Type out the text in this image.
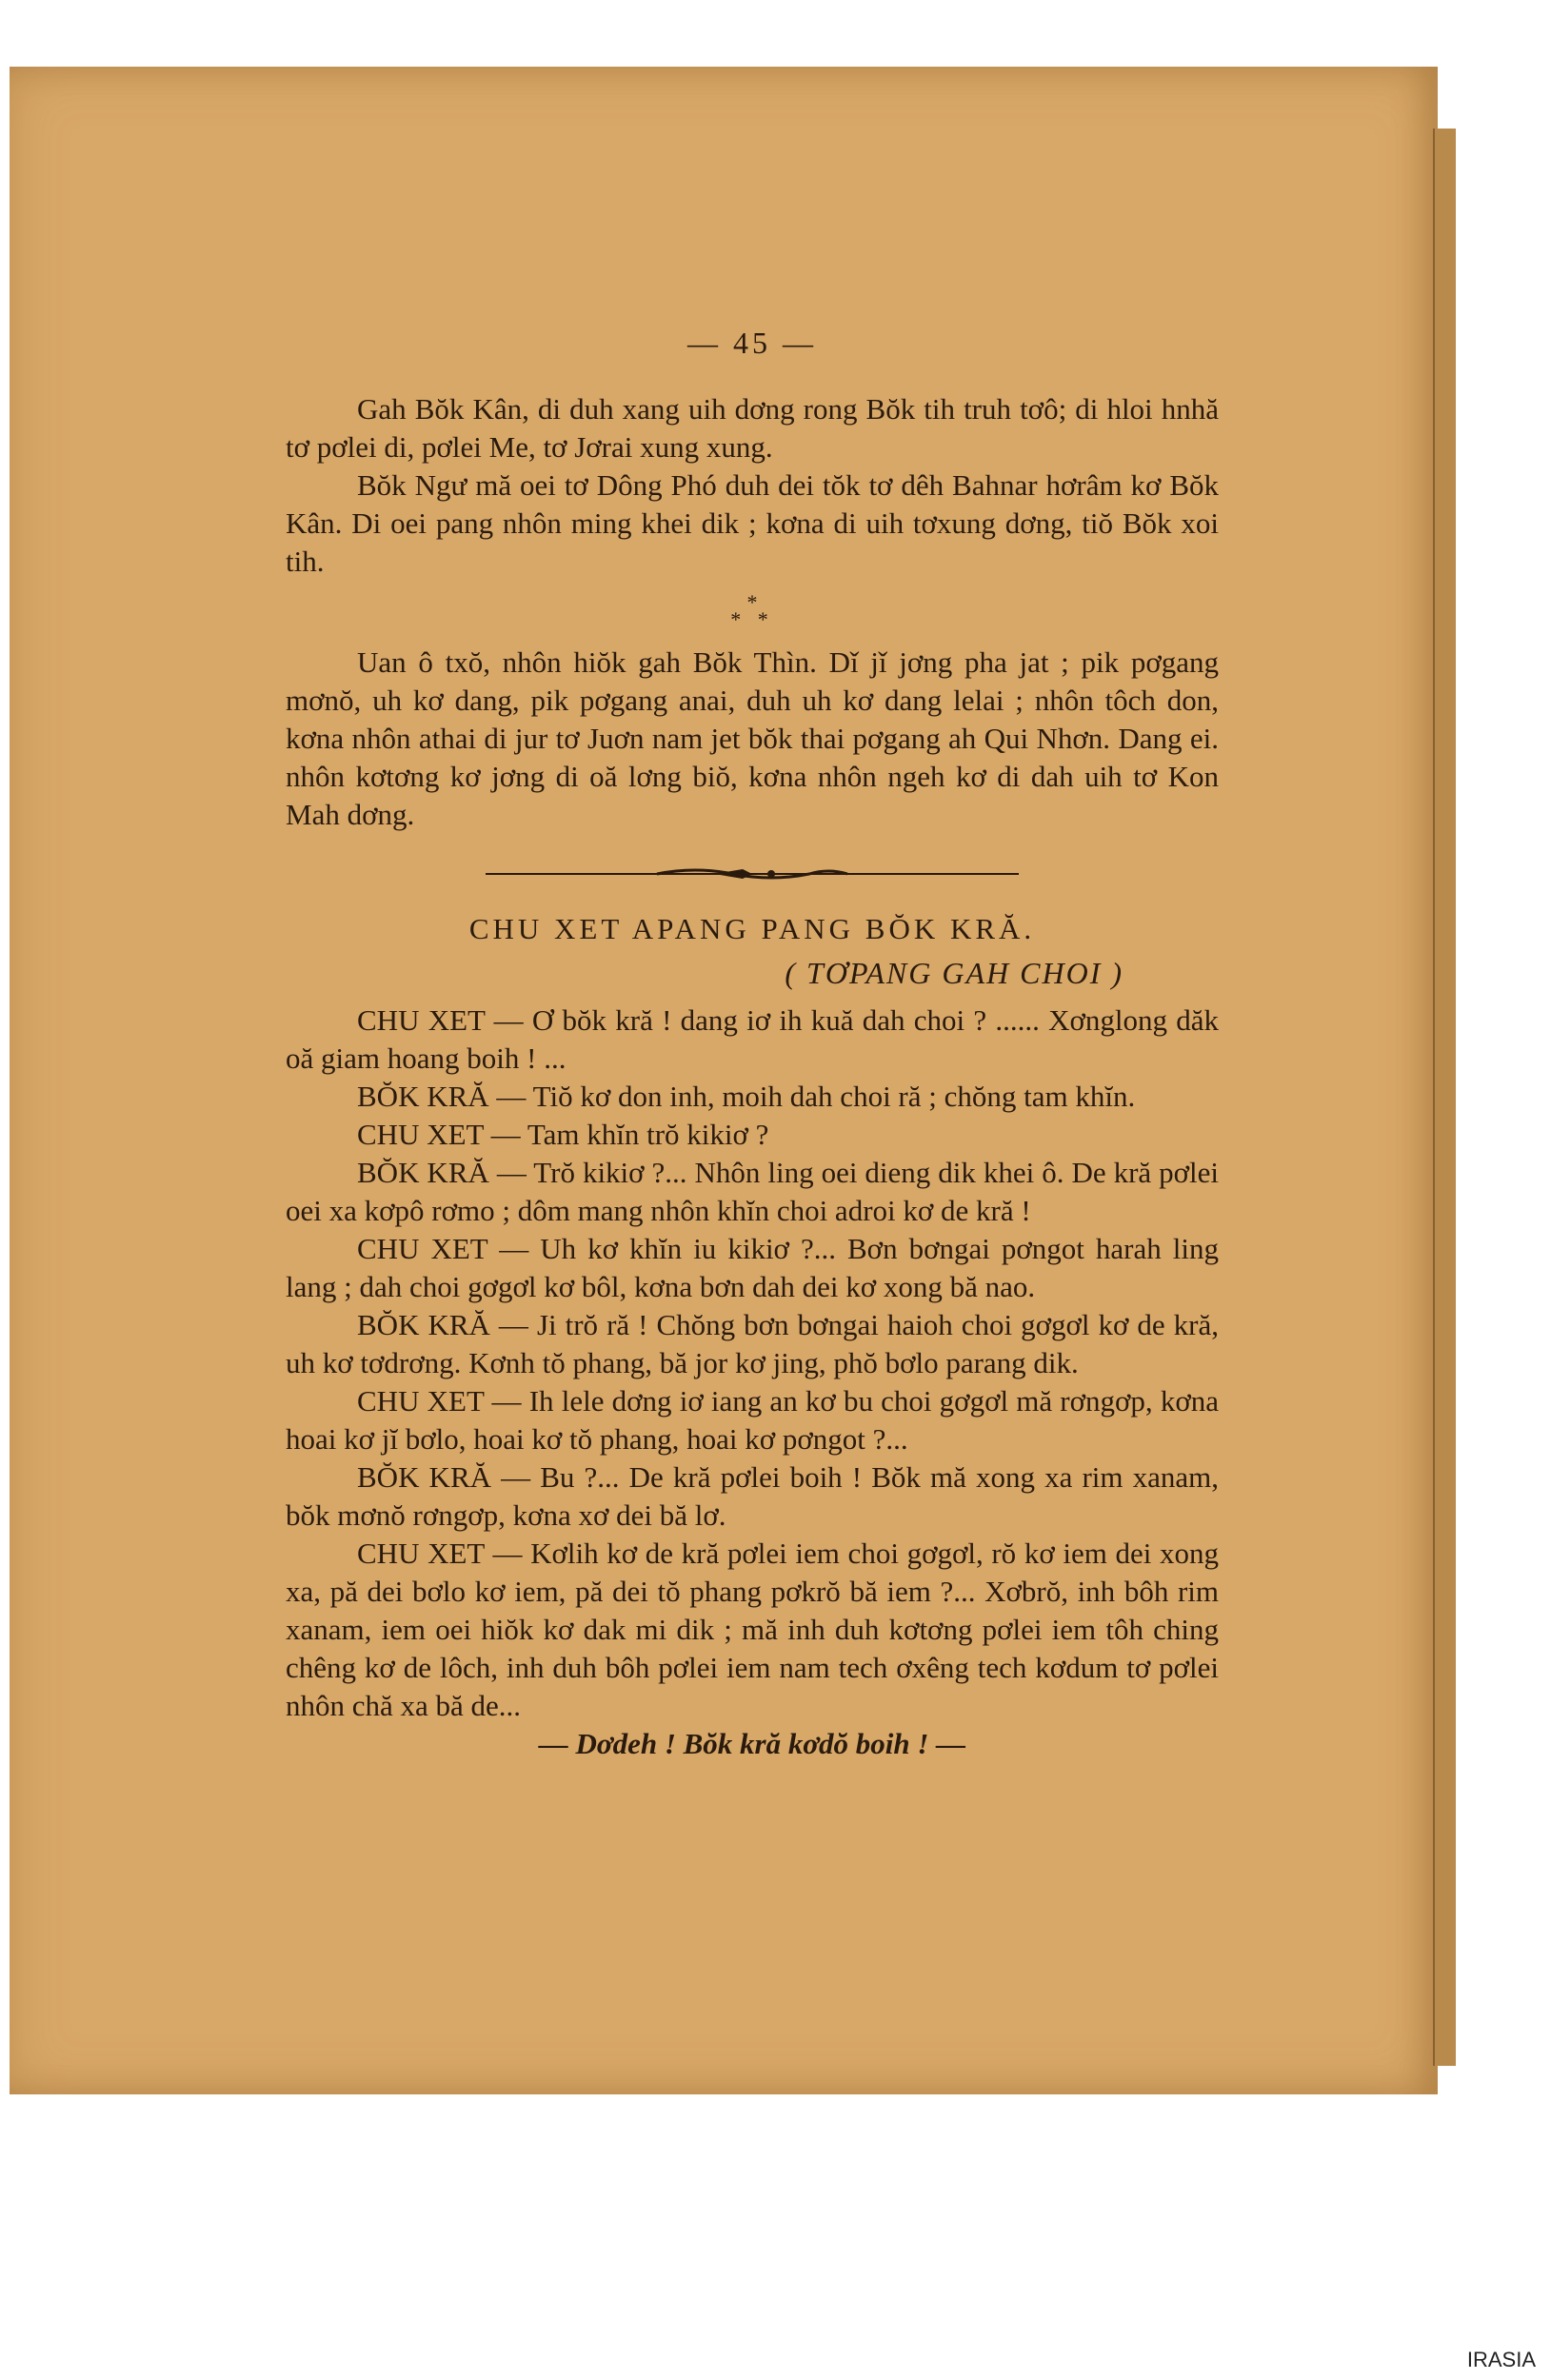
— 45 —

Gah Bŏk Kân, di duh xang uih dơng rong Bŏk tih truh tơô; di hloi hnhă tơ pơlei di, pơlei Me, tơ Jơrai xung xung.

Bŏk Ngư mă oei tơ Dông Phó duh dei tŏk tơ dêh Bahnar hơrâm kơ Bŏk Kân. Di oei pang nhôn ming khei dik ; kơna di uih tơxung dơng, tiŏ Bŏk xoi tih.

*
* *

Uan ô txŏ, nhôn hiŏk gah Bŏk Thìn. Dǐ jǐ jơng pha jat ; pik pơgang mơnŏ, uh kơ dang, pik pơgang anai, duh uh kơ dang lelai ; nhôn tôch don, kơna nhôn athai di jur tơ Juơn nam jet bŏk thai pơgang ah Qui Nhơn. Dang ei. nhôn kơtơng kơ jơng di oă lơng biŏ, kơna nhôn ngeh kơ di dah uih tơ Kon Mah dơng.

CHU XET APANG PANG BŎK KRĂ.
( TƠPANG GAH CHOI )

CHU XET — Ơ bŏk kră ! dang iơ ih kuă dah choi ? ...... Xơnglong dăk oă giam hoang boih ! ...

BŎK KRĂ — Tiŏ kơ don inh, moih dah choi ră ; chŏng tam khĭn.

CHU XET — Tam khĭn trŏ kikiơ ?

BŎK KRĂ — Trŏ kikiơ ?... Nhôn ling oei dieng dik khei ô. De kră pơlei oei xa kơpô rơmo ; dôm mang nhôn khĭn choi adroi kơ de kră !

CHU XET — Uh kơ khĭn iu kikiơ ?... Bơn bơngai pơngot harah ling lang ; dah choi gơgơl kơ bôl, kơna bơn dah dei kơ xong bă nao.

BŎK KRĂ — Ji trŏ ră ! Chŏng bơn bơngai haioh choi gơgơl kơ de kră, uh kơ tơdrơng. Kơnh tŏ phang, bă jor kơ jing, phŏ bơlo parang dik.

CHU XET — Ih lele dơng iơ iang an kơ bu choi gơgơl mă rơngơp, kơna hoai kơ jĭ bơlo, hoai kơ tŏ phang, hoai kơ pơngot ?...

BŎK KRĂ — Bu ?... De kră pơlei boih ! Bŏk mă xong xa rim xanam, bŏk mơnŏ rơngơp, kơna xơ dei bă lơ.

CHU XET — Kơlih kơ de kră pơlei iem choi gơgơl, rŏ kơ iem dei xong xa, pă dei bơlo kơ iem, pă dei tŏ phang pơkrŏ bă iem ?... Xơbrŏ, inh bôh rim xanam, iem oei hiŏk kơ dak mi dik ; mă inh duh kơtơng pơlei iem tôh ching chêng kơ de lôch, inh duh bôh pơlei iem nam tech ơxêng tech kơdum tơ pơlei nhôn chă xa bă de...

— Dơdeh ! Bŏk kră kơdŏ boih ! —
IRASIA
